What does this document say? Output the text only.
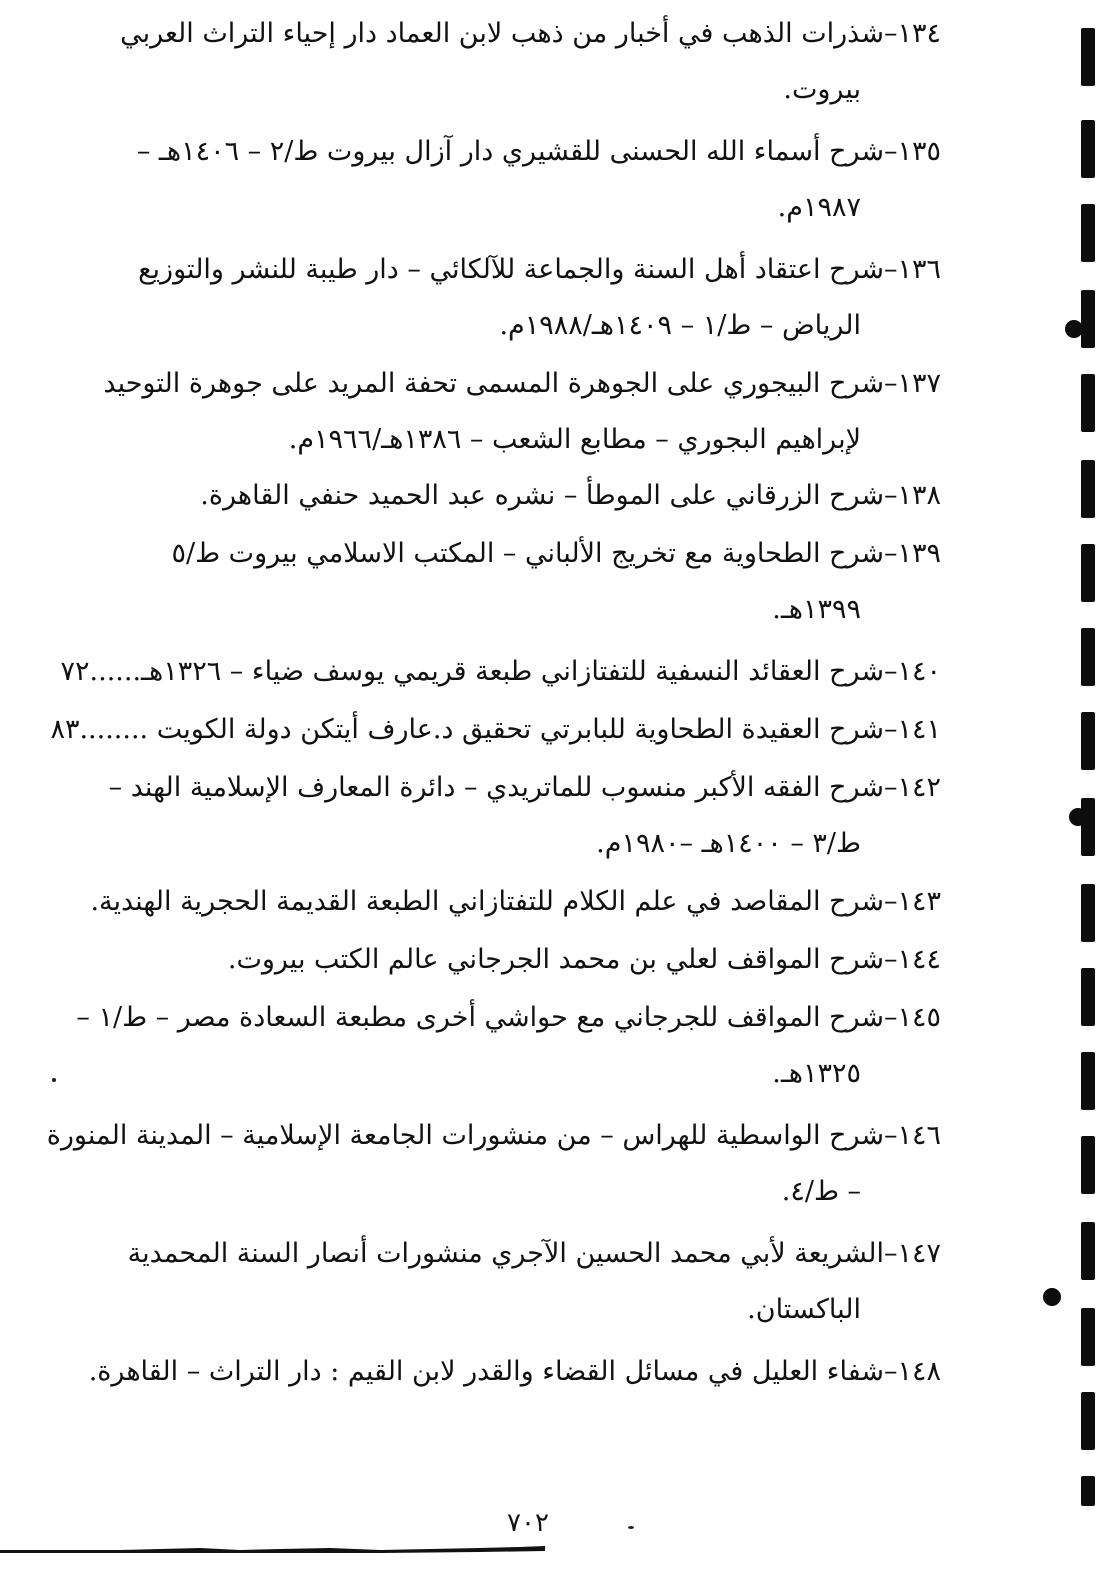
١٣٤–شذرات الذهب في أخبار من ذهب لابن العماد دار إحياء التراث العربي
بيروت.
١٣٥–شرح أسماء الله الحسنى للقشيري دار آزال بيروت ط/٢ – ١٤٠٦هـ –
١٩٨٧م.
١٣٦–شرح اعتقاد أهل السنة والجماعة للآلكائي – دار طيبة للنشر والتوزيع
الرياض – ط/١ – ١٤٠٩هـ/١٩٨٨م.
١٣٧–شرح البيجوري على الجوهرة المسمى تحفة المريد على جوهرة التوحيد
لإبراهيم البجوري – مطابع الشعب – ١٣٨٦هـ/١٩٦٦م.
١٣٨–شرح الزرقاني على الموطأ – نشره عبد الحميد حنفي القاهرة.
١٣٩–شرح الطحاوية مع تخريج الألباني – المكتب الاسلامي بيروت ط/٥
١٣٩٩هـ.
١٤٠–شرح العقائد النسفية للتفتازاني طبعة قريمي يوسف ضياء – ١٣٢٦هـ......٧٢
١٤١–شرح العقيدة الطحاوية للبابرتي تحقيق د.عارف أيتكن دولة الكويت ........٨٣
١٤٢–شرح الفقه الأكبر منسوب للماتريدي – دائرة المعارف الإسلامية الهند –
ط/٣ – ١٤٠٠هـ –١٩٨٠م.
١٤٣–شرح المقاصد في علم الكلام للتفتازاني الطبعة القديمة الحجرية الهندية.
١٤٤–شرح المواقف لعلي بن محمد الجرجاني عالم الكتب بيروت.
١٤٥–شرح المواقف للجرجاني مع حواشي أخرى مطبعة السعادة مصر – ط/١ –
١٣٢٥هـ.
١٤٦–شرح الواسطية للهراس – من منشورات الجامعة الإسلامية – المدينة المنورة
– ط/٤.
١٤٧–الشريعة لأبي محمد الحسين الآجري منشورات أنصار السنة المحمدية
الباكستان.
١٤٨–شفاء العليل في مسائل القضاء والقدر لابن القيم : دار التراث – القاهرة.
٧٠٢
